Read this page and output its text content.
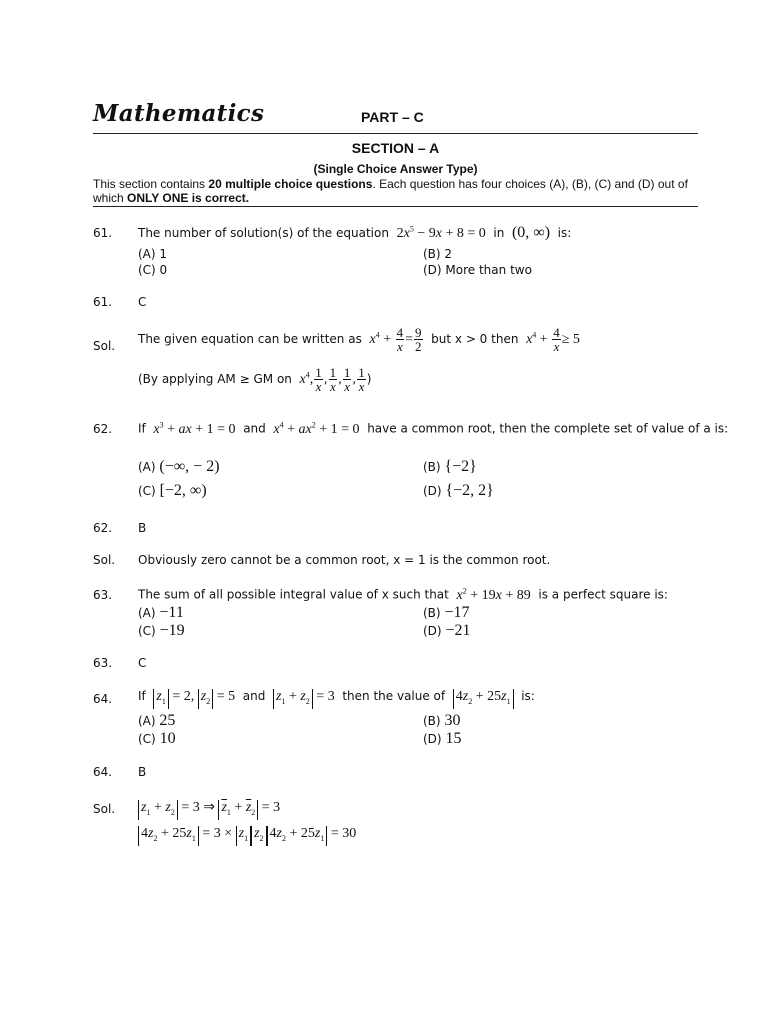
Mathematics	PART – C
SECTION – A
(Single Choice Answer Type)
This section contains 20 multiple choice questions. Each question has four choices (A), (B), (C) and (D) out of which ONLY ONE is correct.
61. The number of solution(s) of the equation $2x^5 - 9x + 8 = 0$ in (0, ∞) is:
(A) 1	(B) 2
(C) 0	(D) More than two
61. C
Sol. The given equation can be written as $x^4 + \frac{4}{x} = \frac{9}{2}$ but x > 0 then $x^4 + \frac{4}{x} \ge 5$
(By applying AM ≥ GM on $x^4$, $\frac{1}{x}$ , $\frac{1}{x}$ , $\frac{1}{x}$ , $\frac{1}{x}$ )
62. If $x^3$ + ax + 1 = 0 and $x^4 + ax^2 + 1 = 0$ have a common root, then the complete set of value of a is:
(A) (−∞, − 2)	(B) {−2}
(C) [−2, ∞)	(D) {−2, 2}
62. B
Sol. Obviously zero cannot be a common root, x = 1 is the common root.
63. The sum of all possible integral value of x such that $x^2 + 19x + 89$ is a perfect square is:
(A) −11	(B) −17
(C) −19	(D) −21
63. C
64. If $z_1 = 2$, $z_2 = 5$ and $z_1 + z_2 = 3$ then the value of $4z_2 + 25z_1$ is:
(A) 25	(B) 30
(C) 10	(D) 15
64. B
Sol. $z_1 + z_2 = 3$ ⇒ $\overline{z}_1 + \overline{z}_2 = 3$
$4z_2 + 25z_1 = 3 \times z_1$ $z_2$ $4z_2 + 25z_1 = 30$
